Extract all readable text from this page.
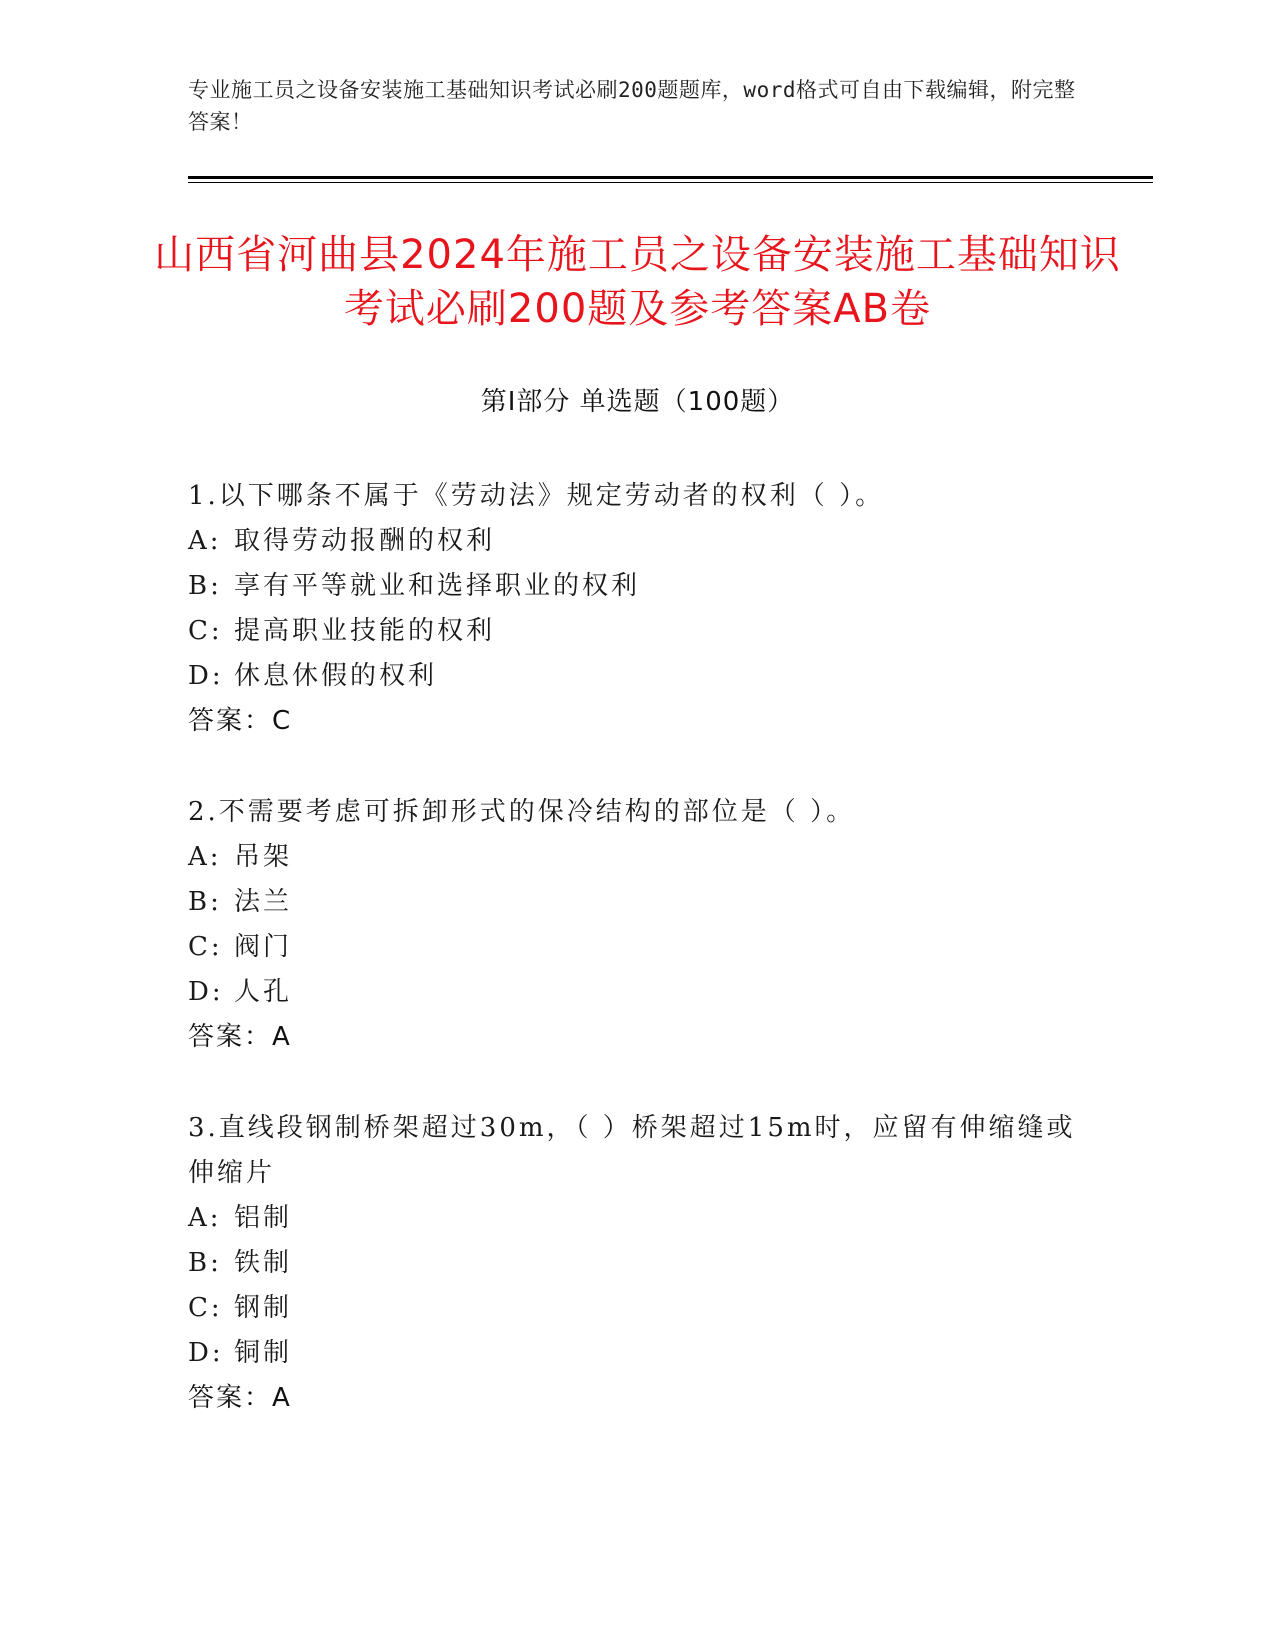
专业施工员之设备安装施工基础知识考试必刷200题题库，word格式可自由下载编辑，附完整答案！
山西省河曲县2024年施工员之设备安装施工基础知识考试必刷200题及参考答案AB卷
第Ⅰ部分 单选题（100题）

1.以下哪条不属于《劳动法》规定劳动者的权利（ ）。

A: 取得劳动报酬的权利

B: 享有平等就业和选择职业的权利

C: 提高职业技能的权利

D: 休息休假的权利

答案：C

2.不需要考虑可拆卸形式的保冷结构的部位是（ ）。

A: 吊架

B: 法兰

C: 阀门

D: 人孔

答案：A

3.直线段钢制桥架超过30m，（ ）桥架超过15m时，应留有伸缩缝或伸缩片

A: 铝制

B: 铁制

C: 钢制

D: 铜制

答案：A
